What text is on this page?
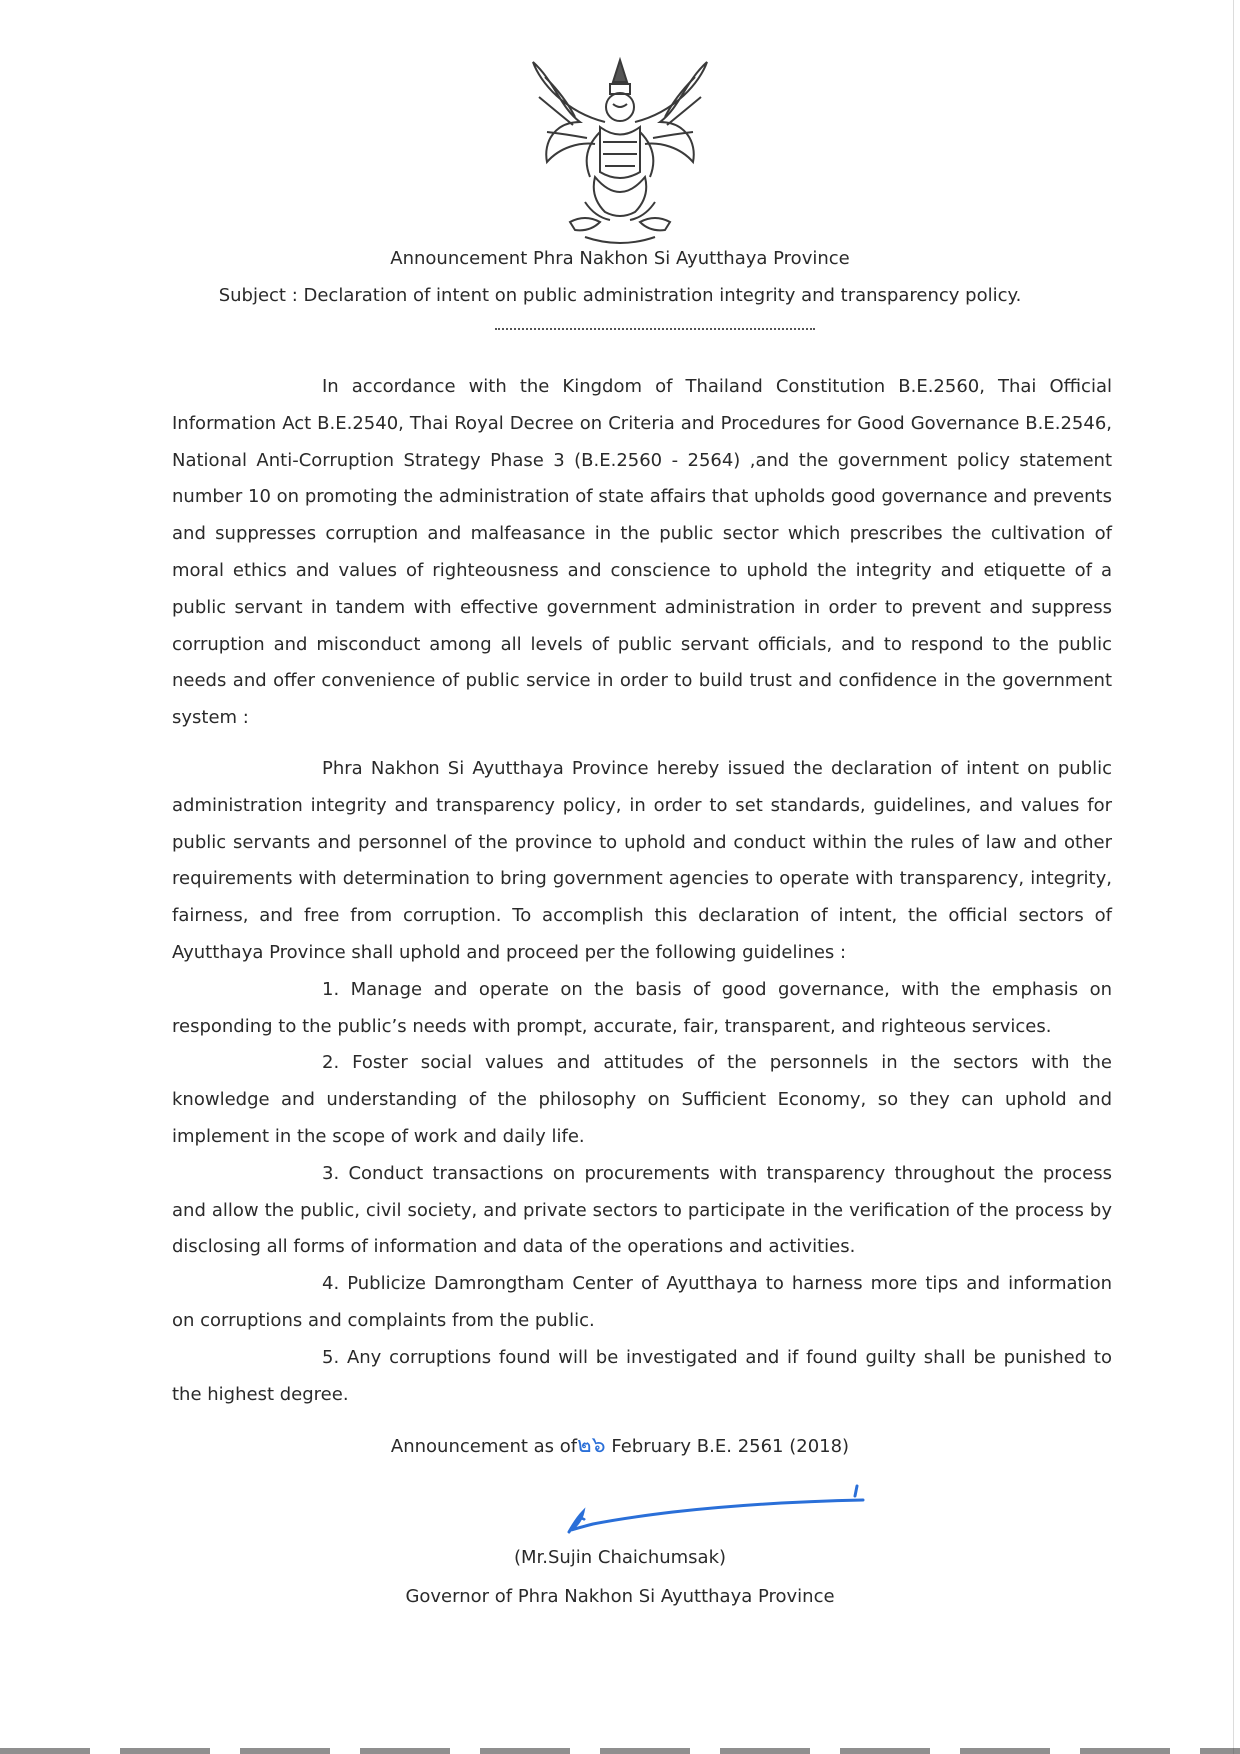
Announcement Phra Nakhon Si Ayutthaya Province
Subject : Declaration of intent on public administration integrity and transparency policy.

In accordance with the Kingdom of Thailand Constitution B.E.2560, Thai Official Information Act B.E.2540, Thai Royal Decree on Criteria and Procedures for Good Governance B.E.2546, National Anti-Corruption Strategy Phase 3 (B.E.2560 - 2564) ,and the government policy statement number 10 on promoting the administration of state affairs that upholds good governance and prevents and suppresses corruption and malfeasance in the public sector which prescribes the cultivation of moral ethics and values of righteousness and conscience to uphold the integrity and etiquette of a public servant in tandem with effective government administration in order to prevent and suppress corruption and misconduct among all levels of public servant officials, and to respond to the public needs and offer convenience of public service in order to build trust and confidence in the government system :

Phra Nakhon Si Ayutthaya Province hereby issued the declaration of intent on public administration integrity and transparency policy, in order to set standards, guidelines, and values for public servants and personnel of the province to uphold and conduct within the rules of law and other requirements with determination to bring government agencies to operate with transparency, integrity, fairness, and free from corruption. To accomplish this declaration of intent, the official sectors of Ayutthaya Province shall uphold and proceed per the following guidelines :

1. Manage and operate on the basis of good governance, with the emphasis on responding to the public’s needs with prompt, accurate, fair, transparent, and righteous services.

2. Foster social values and attitudes of the personnels in the sectors with the knowledge and understanding of the philosophy on Sufficient Economy, so they can uphold and implement in the scope of work and daily life.

3. Conduct transactions on procurements with transparency throughout the process and allow the public, civil society, and private sectors to participate in the verification of the process by disclosing all forms of information and data of the operations and activities.

4. Publicize Damrongtham Center of Ayutthaya to harness more tips and information on corruptions and complaints from the public.

5. Any corruptions found will be investigated and if found guilty shall be punished to the highest degree.

Announcement as of๒๖ February B.E. 2561 (2018)
(Mr.Sujin Chaichumsak)
Governor of Phra Nakhon Si Ayutthaya Province
